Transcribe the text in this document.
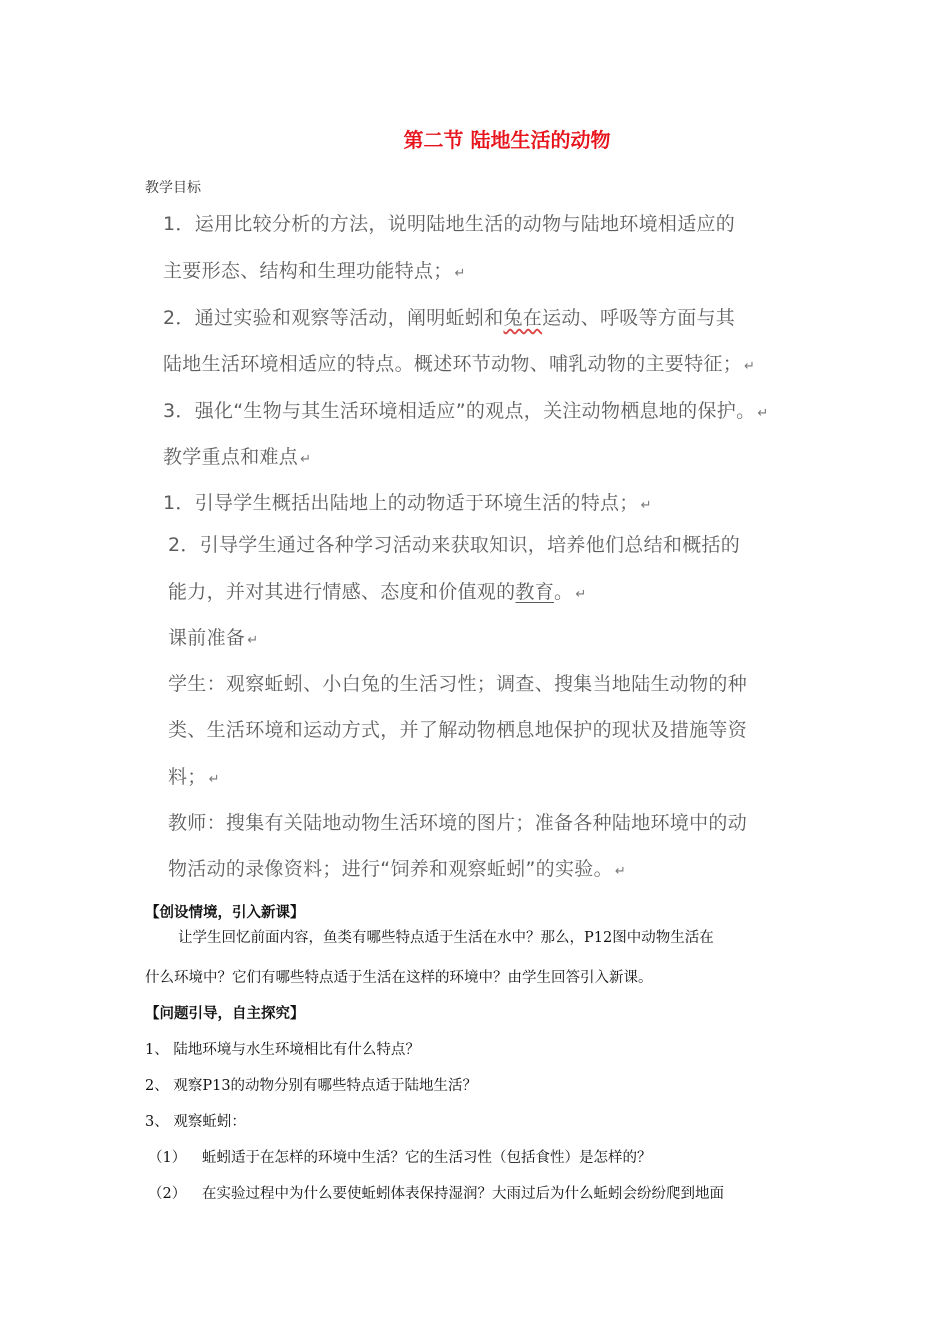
第二节 陆地生活的动物
教学目标
1．运用比较分析的方法，说明陆地生活的动物与陆地环境相适应的
主要形态、结构和生理功能特点； ↵
2．通过实验和观察等活动，阐明蚯蚓和兔在运动、呼吸等方面与其
陆地生活环境相适应的特点。概述环节动物、哺乳动物的主要特征； ↵
3．强化“生物与其生活环境相适应”的观点，关注动物栖息地的保护。 ↵
教学重点和难点 ↵
1．引导学生概括出陆地上的动物适于环境生活的特点； ↵
2．引导学生通过各种学习活动来获取知识，培养他们总结和概括的
能力，并对其进行情感、态度和价值观的教育。 ↵
课前准备 ↵
学生：观察蚯蚓、小白兔的生活习性；调查、搜集当地陆生动物的种
类、生活环境和运动方式，并了解动物栖息地保护的现状及措施等资
料； ↵
教师：搜集有关陆地动物生活环境的图片；准备各种陆地环境中的动
物活动的录像资料；进行“饲养和观察蚯蚓”的实验。 ↵
【创设情境，引入新课】
让学生回忆前面内容，鱼类有哪些特点适于生活在水中？那么，P12图中动物生活在
什么环境中？它们有哪些特点适于生活在这样的环境中？由学生回答引入新课。
【问题引导，自主探究】
1、 陆地环境与水生环境相比有什么特点？
2、 观察P13的动物分别有哪些特点适于陆地生活？
3、 观察蚯蚓：
（1） 蚯蚓适于在怎样的环境中生活？它的生活习性（包括食性）是怎样的？
（2） 在实验过程中为什么要使蚯蚓体表保持湿润？大雨过后为什么蚯蚓会纷纷爬到地面
